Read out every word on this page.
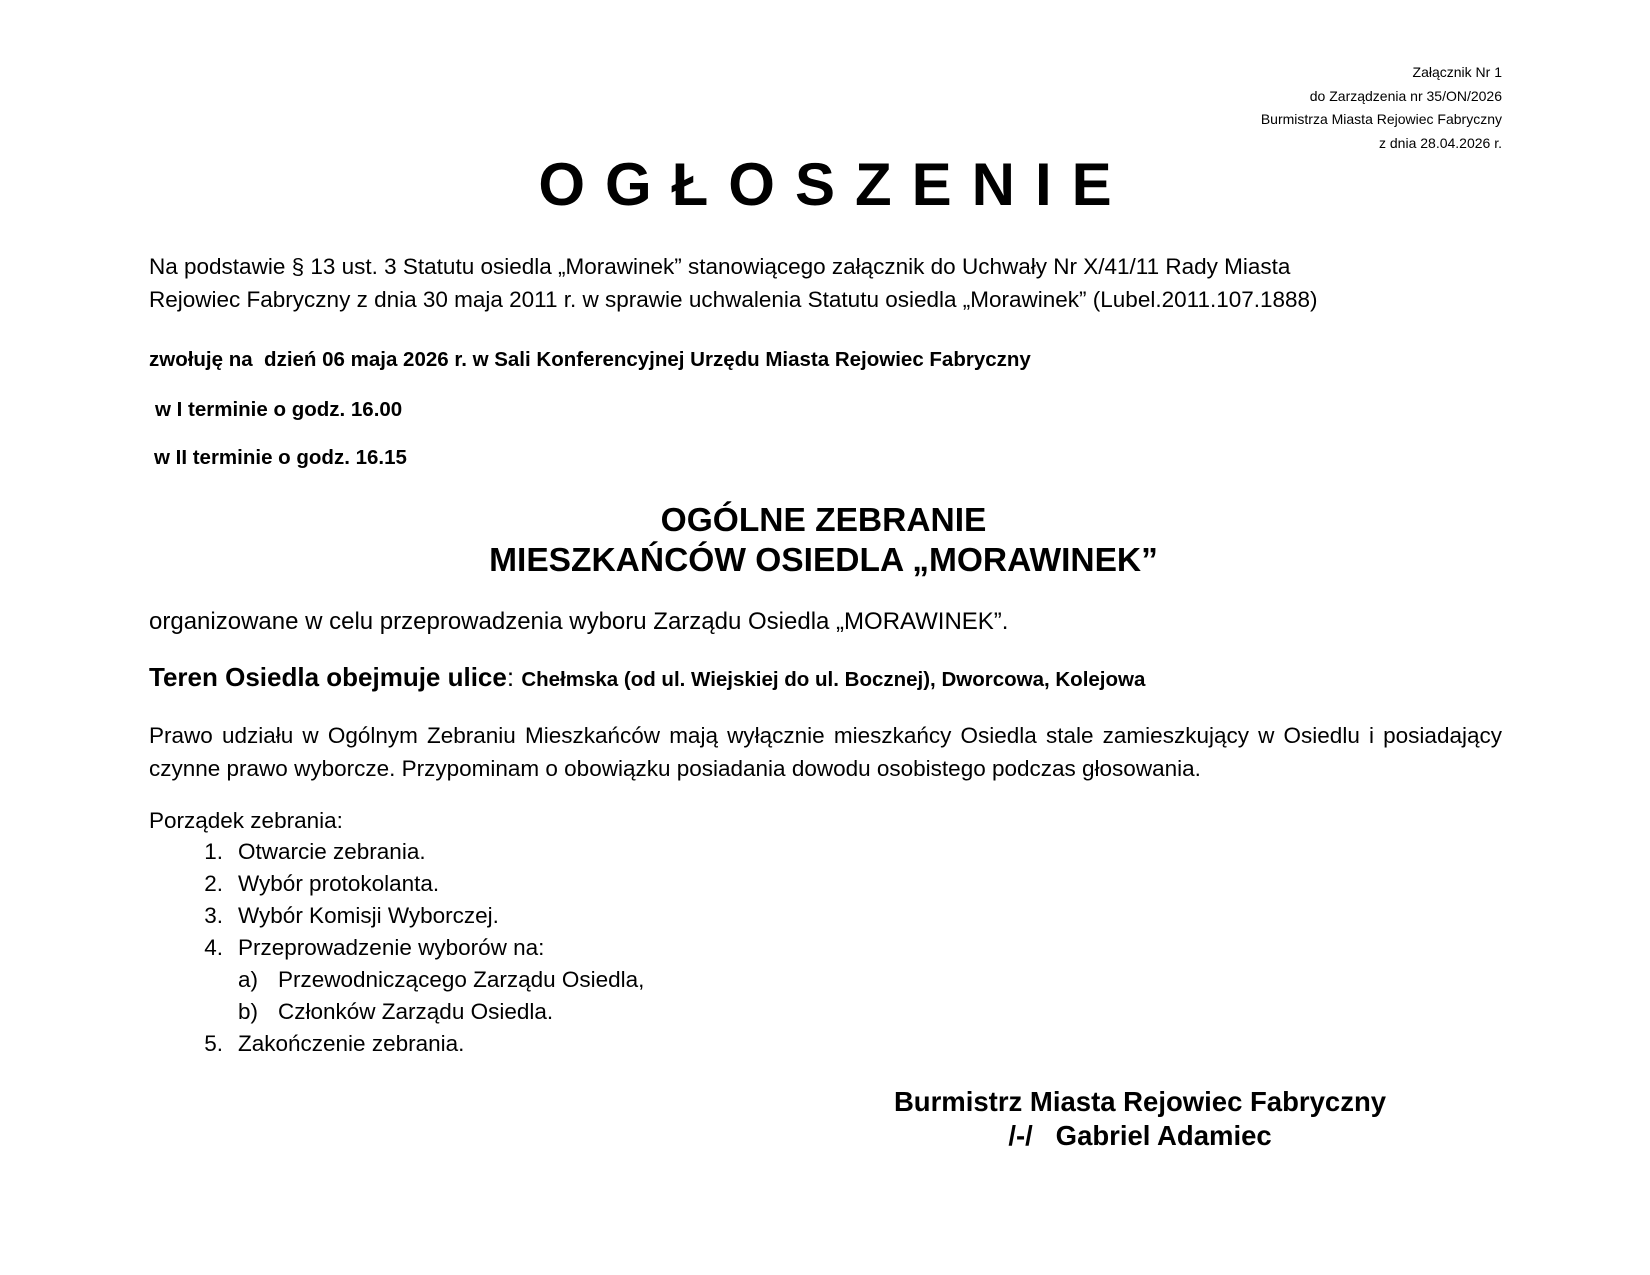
Załącznik Nr 1
do Zarządzenia nr 35/ON/2026
Burmistrza Miasta Rejowiec Fabryczny
z dnia 28.04.2026 r.
OGŁOSZENIE

Na podstawie § 13 ust. 3 Statutu osiedla „Morawinek” stanowiącego załącznik do Uchwały Nr X/41/11 Rady Miasta
Rejowiec Fabryczny z dnia 30 maja 2011 r. w sprawie uchwalenia Statutu osiedla „Morawinek” (Lubel.2011.107.1888)

zwołuję na  dzień 06 maja 2026 r. w Sali Konferencyjnej Urzędu Miasta Rejowiec Fabryczny

w I terminie o godz. 16.00

w II terminie o godz. 16.15

OGÓLNE ZEBRANIE
MIESZKAŃCÓW OSIEDLA „MORAWINEK”

organizowane w celu przeprowadzenia wyboru Zarządu Osiedla „MORAWINEK”.

Teren Osiedla obejmuje ulice: Chełmska (od ul. Wiejskiej do ul. Bocznej), Dworcowa, Kolejowa

Prawo udziału w Ogólnym Zebraniu Mieszkańców mają wyłącznie mieszkańcy Osiedla stale zamieszkujący w Osiedlu i posiadający czynne prawo wyborcze. Przypominam o obowiązku posiadania dowodu osobistego podczas głosowania.

Porządek zebrania:

1. Otwarcie zebrania.
2. Wybór protokolanta.
3. Wybór Komisji Wyborczej.
4. Przeprowadzenie wyborów na:
a) Przewodniczącego Zarządu Osiedla,
b) Członków Zarządu Osiedla.
5. Zakończenie zebrania.
Burmistrz Miasta Rejowiec Fabryczny
/-/   Gabriel Adamiec
